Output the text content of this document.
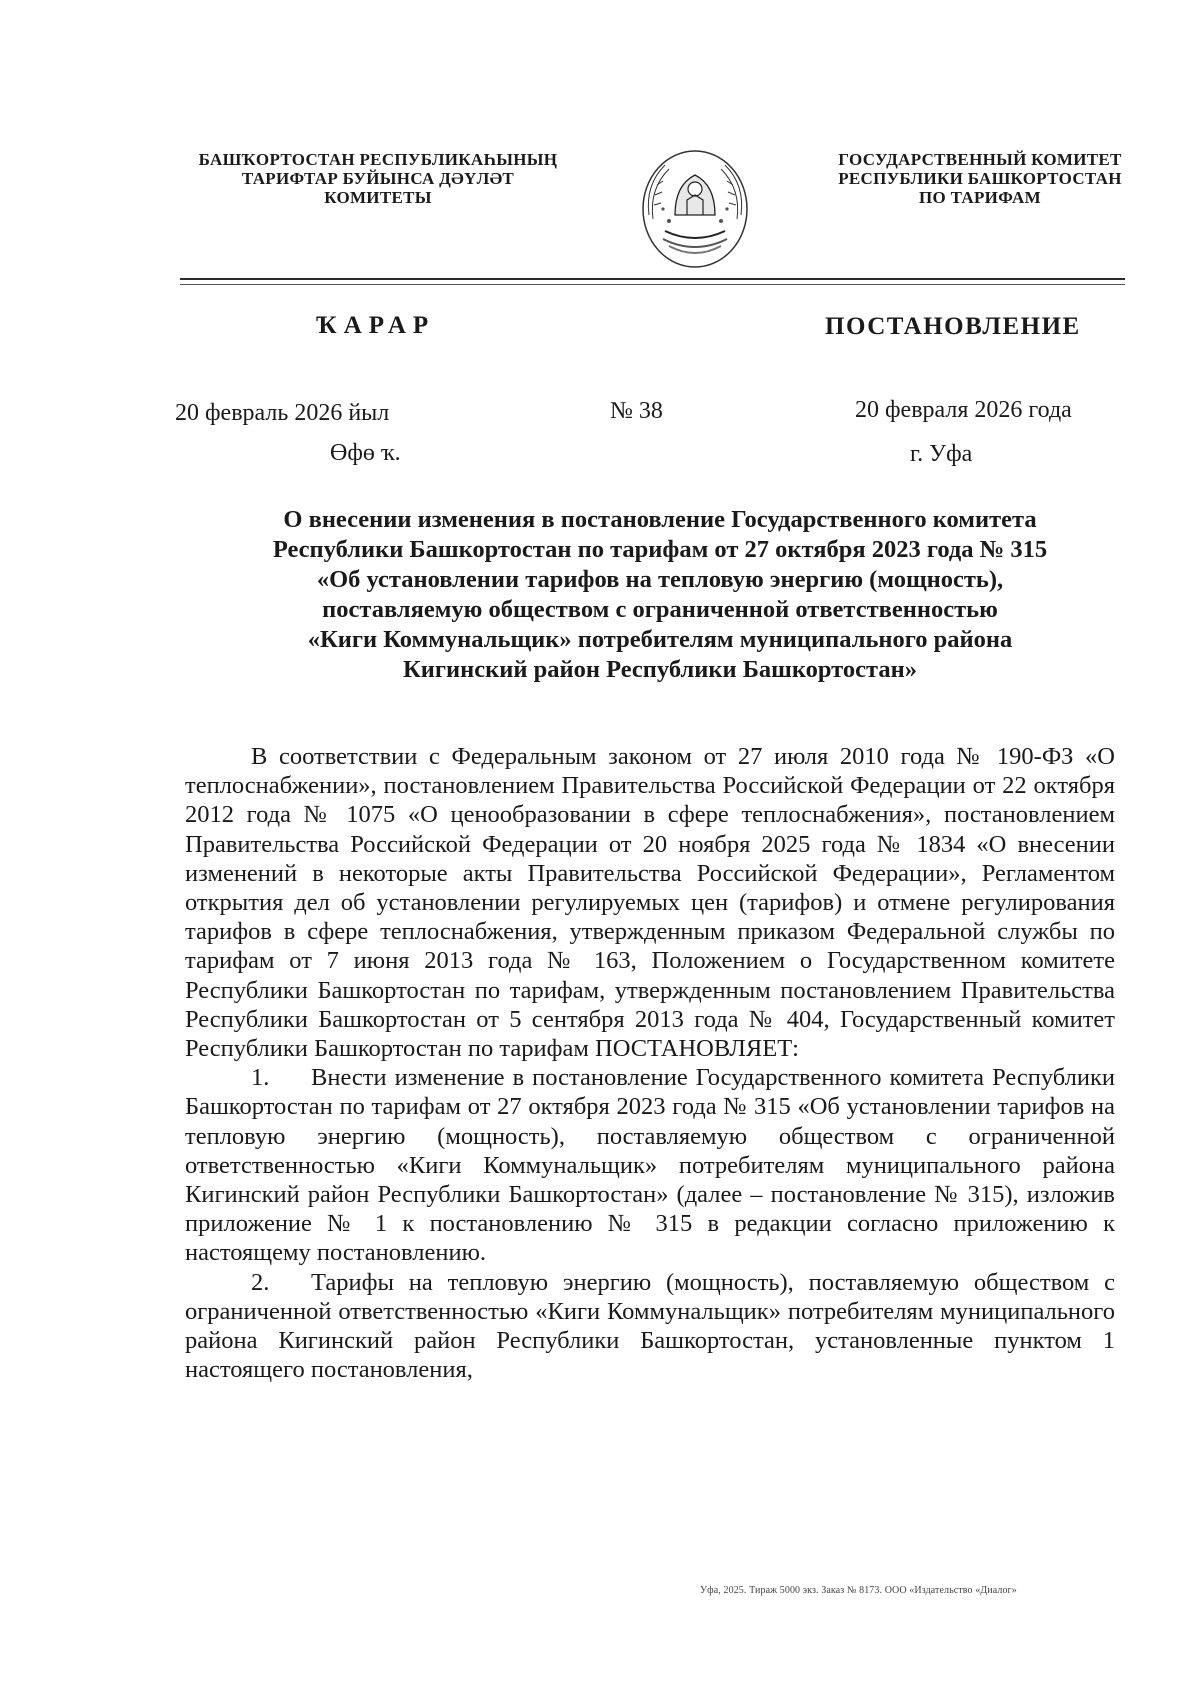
БАШҠОРТОСТАН РЕСПУБЛИКАҺЫНЫҢ
ТАРИФТАР БУЙЫНСА ДӘҮЛӘТ
КОМИТЕТЫ
ГОСУДАРСТВЕННЫЙ КОМИТЕТ
РЕСПУБЛИКИ БАШКОРТОСТАН
ПО ТАРИФАМ
ҠАРАР	ПОСТАНОВЛЕНИЕ
20 февраль 2026 йыл	№ 38	20 февраля 2026 года
Өфө ҡ.	г. Уфа
О внесении изменения в постановление Государственного комитета
Республики Башкортостан по тарифам от 27 октября 2023 года № 315
«Об установлении тарифов на тепловую энергию (мощность),
поставляемую обществом с ограниченной ответственностью
«Киги Коммунальщик» потребителям муниципального района
Кигинский район Республики Башкортостан»

В соответствии с Федеральным законом от 27 июля 2010 года № 190-ФЗ «О теплоснабжении», постановлением Правительства Российской Федерации от 22 октября 2012 года № 1075 «О ценообразовании в сфере теплоснабжения», постановлением Правительства Российской Федерации от 20 ноября 2025 года № 1834 «О внесении изменений в некоторые акты Правительства Российской Федерации», Регламентом открытия дел об установлении регулируемых цен (тарифов) и отмене регулирования тарифов в сфере теплоснабжения, утвержденным приказом Федеральной службы по тарифам от 7 июня 2013 года № 163, Положением о Государственном комитете Республики Башкортостан по тарифам, утвержденным постановлением Правительства Республики Башкортостан от 5 сентября 2013 года № 404, Государственный комитет Республики Башкортостан по тарифам ПОСТАНОВЛЯЕТ:

1. Внести изменение в постановление Государственного комитета Республики Башкортостан по тарифам от 27 октября 2023 года № 315 «Об установлении тарифов на тепловую энергию (мощность), поставляемую обществом с ограниченной ответственностью «Киги Коммунальщик» потребителям муниципального района Кигинский район Республики Башкортостан» (далее – постановление № 315), изложив приложение № 1 к постановлению № 315 в редакции согласно приложению к настоящему постановлению.

2. Тарифы на тепловую энергию (мощность), поставляемую обществом с ограниченной ответственностью «Киги Коммунальщик» потребителям муниципального района Кигинский район Республики Башкортостан, установленные пунктом 1 настоящего постановления,

Уфа, 2025. Тираж 5000 экз. Заказ № 8173. ООО «Издательство «Диалог»
